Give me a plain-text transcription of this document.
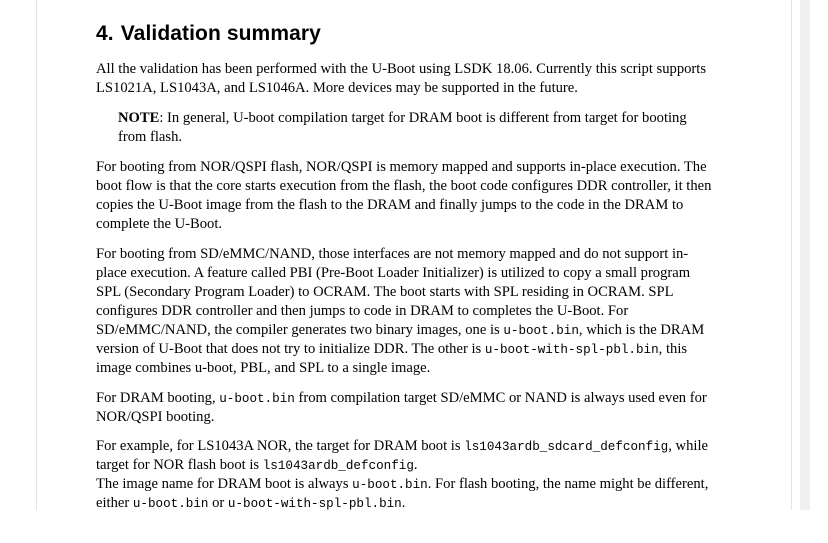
4. Validation summary

All the validation has been performed with the U-Boot using LSDK 18.06. Currently this script supports LS1021A, LS1043A, and LS1046A. More devices may be supported in the future.

NOTE: In general, U-boot compilation target for DRAM boot is different from target for booting from flash.

For booting from NOR/QSPI flash, NOR/QSPI is memory mapped and supports in-place execution. The boot flow is that the core starts execution from the flash, the boot code configures DDR controller, it then copies the U-Boot image from the flash to the DRAM and finally jumps to the code in the DRAM to complete the U-Boot.

For booting from SD/eMMC/NAND, those interfaces are not memory mapped and do not support in-place execution. A feature called PBI (Pre-Boot Loader Initializer) is utilized to copy a small program SPL (Secondary Program Loader) to OCRAM. The boot starts with SPL residing in OCRAM. SPL configures DDR controller and then jumps to code in DRAM to completes the U-Boot. For SD/eMMC/NAND, the compiler generates two binary images, one is u-boot.bin, which is the DRAM version of U-Boot that does not try to initialize DDR. The other is u-boot-with-spl-pbl.bin, this image combines u-boot, PBL, and SPL to a single image.

For DRAM booting, u-boot.bin from compilation target SD/eMMC or NAND is always used even for NOR/QSPI booting.

For example, for LS1043A NOR, the target for DRAM boot is ls1043ardb_sdcard_defconfig, while target for NOR flash boot is ls1043ardb_defconfig.

The image name for DRAM boot is always u-boot.bin. For flash booting, the name might be different, either u-boot.bin or u-boot-with-spl-pbl.bin.
